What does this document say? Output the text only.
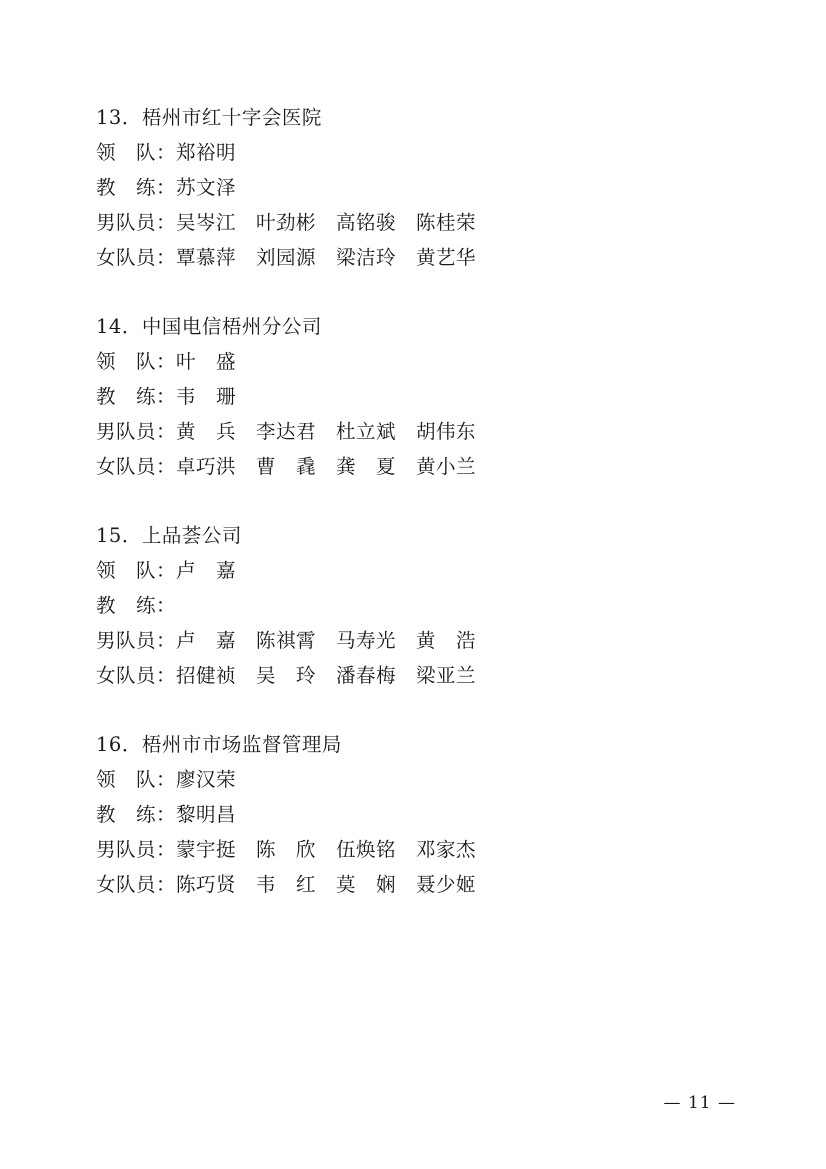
13．梧州市红十字会医院
领　队：郑裕明
教　练：苏文泽
男队员：吴岑江　叶劲彬　高铭骏　陈桂荣
女队员：覃慕萍　刘园源　梁洁玲　黄艺华
14．中国电信梧州分公司
领　队：叶　盛
教　练：韦　珊
男队员：黄　兵　李达君　杜立斌　胡伟东
女队员：卓巧洪　曹　毳　龚　夏　黄小兰
15．上品荟公司
领　队：卢　嘉
教　练：
男队员：卢　嘉　陈祺霄　马寿光　黄　浩
女队员：招健祯　吴　玲　潘春梅　梁亚兰
16．梧州市市场监督管理局
领　队：廖汉荣
教　练：黎明昌
男队员：蒙宇挺　陈　欣　伍焕铭　邓家杰
女队员：陈巧贤　韦　红　莫　娴　聂少姬
— 11 —
